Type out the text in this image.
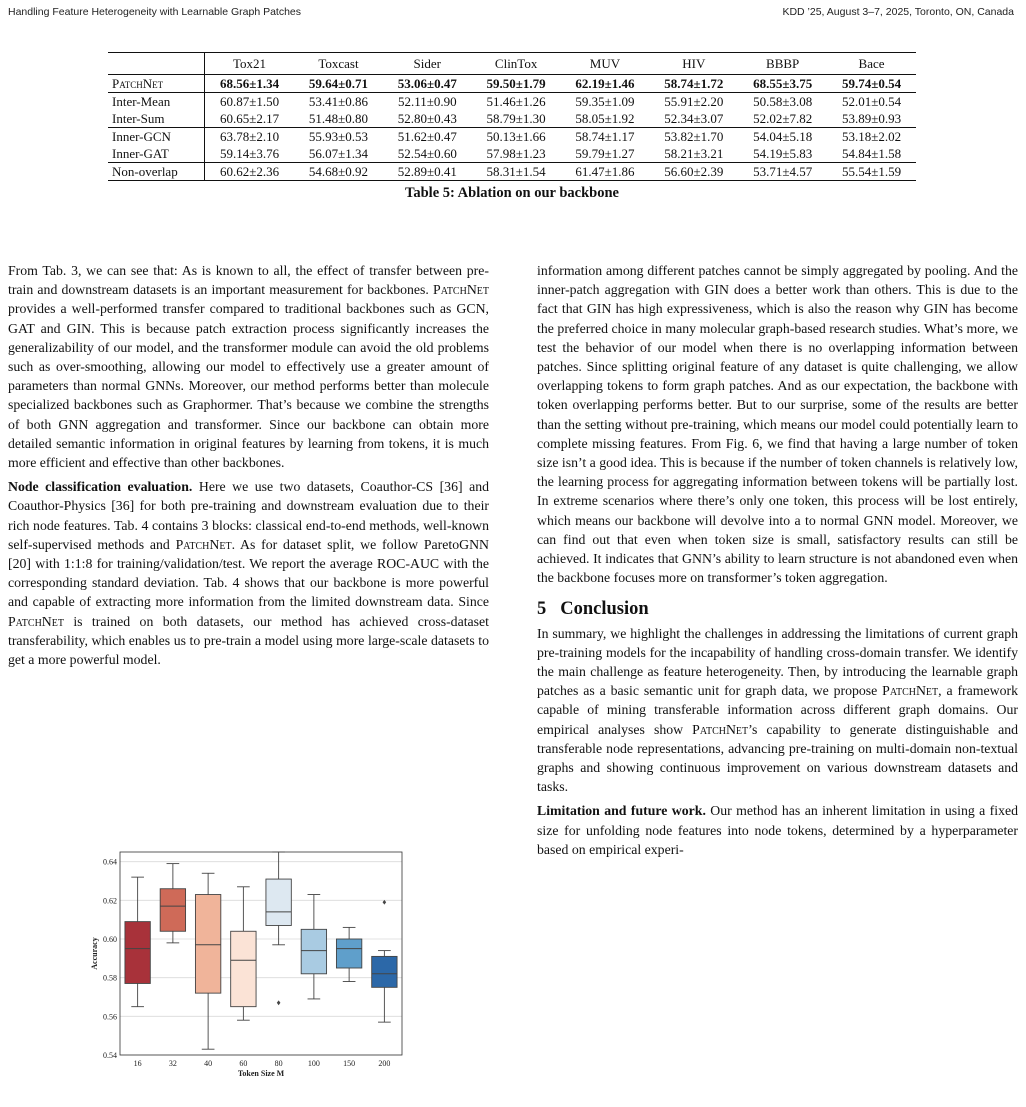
Handling Feature Heterogeneity with Learnable Graph Patches	KDD ’25, August 3–7, 2025, Toronto, ON, Canada
	Tox21	Toxcast	Sider	ClinTox	MUV	HIV	BBBP	Bace
PatchNet	68.56±1.34	59.64±0.71	53.06±0.47	59.50±1.79	62.19±1.46	58.74±1.72	68.55±3.75	59.74±0.54
Inter-Mean	60.87±1.50	53.41±0.86	52.11±0.90	51.46±1.26	59.35±1.09	55.91±2.20	50.58±3.08	52.01±0.54
Inter-Sum	60.65±2.17	51.48±0.80	52.80±0.43	58.79±1.30	58.05±1.92	52.34±3.07	52.02±7.82	53.89±0.93
Inner-GCN	63.78±2.10	55.93±0.53	51.62±0.47	50.13±1.66	58.74±1.17	53.82±1.70	54.04±5.18	53.18±2.02
Inner-GAT	59.14±3.76	56.07±1.34	52.54±0.60	57.98±1.23	59.79±1.27	58.21±3.21	54.19±5.83	54.84±1.58
Non-overlap	60.62±2.36	54.68±0.92	52.89±0.41	58.31±1.54	61.47±1.86	56.60±2.39	53.71±4.57	55.54±1.59
Table 5: Ablation on our backbone

From Tab. 3, we can see that: As is known to all, the effect of transfer between pre-train and downstream datasets is an important measurement for backbones. PatchNet provides a well-performed transfer compared to traditional backbones such as GCN, GAT and GIN. This is because patch extraction process significantly increases the generalizability of our model, and the transformer module can avoid the old problems such as over-smoothing, allowing our model to effectively use a greater amount of parameters than normal GNNs. Moreover, our method performs better than molecule specialized backbones such as Graphormer. That’s because we combine the strengths of both GNN aggregation and transformer. Since our backbone can obtain more detailed semantic information in original features by learning from tokens, it is much more efficient and effective than other backbones.

Node classification evaluation. Here we use two datasets, Coauthor-CS [36] and Coauthor-Physics [36] for both pre-training and downstream evaluation due to their rich node features. Tab. 4 contains 3 blocks: classical end-to-end methods, well-known self-supervised methods and PatchNet. As for dataset split, we follow ParetoGNN [20] with 1:1:8 for training/validation/test. We report the average ROC-AUC with the corresponding standard deviation. Tab. 4 shows that our backbone is more powerful and capable of extracting more information from the limited downstream data. Since PatchNet is trained on both datasets, our method has achieved cross-dataset transferability, which enables us to pre-train a model using more large-scale datasets to get a more powerful model.

0.54
0.56
0.58
0.60
0.62
0.64
16	32	40	60	80	100	150	200
Token Size M
Accuracy

information among different patches cannot be simply aggregated by pooling. And the inner-patch aggregation with GIN does a better work than others. This is due to the fact that GIN has high expressiveness, which is also the reason why GIN has become the preferred choice in many molecular graph-based research studies. What’s more, we test the behavior of our model when there is no overlapping information between patches. Since splitting original feature of any dataset is quite challenging, we allow overlapping tokens to form graph patches. And as our expectation, the backbone with token overlapping performs better. But to our surprise, some of the results are better than the setting without pre-training, which means our model could potentially learn to complete missing features. From Fig. 6, we find that having a large number of token size isn’t a good idea. This is because if the number of token channels is relatively low, the learning process for aggregating information between tokens will be partially lost. In extreme scenarios where there’s only one token, this process will be lost entirely, which means our backbone will devolve into a to normal GNN model. Moreover, we can find out that even when token size is small, satisfactory results can still be achieved. It indicates that GNN’s ability to learn structure is not abandoned even when the backbone focuses more on transformer’s token aggregation.

5 Conclusion

In summary, we highlight the challenges in addressing the limitations of current graph pre-training models for the incapability of handling cross-domain transfer. We identify the main challenge as feature heterogeneity. Then, by introducing the learnable graph patches as a basic semantic unit for graph data, we propose PatchNet, a framework capable of mining transferable information across different graph domains. Our empirical analyses show PatchNet’s capability to generate distinguishable and transferable node representations, advancing pre-training on multi-domain non-textual graphs and showing continuous improvement on various downstream datasets and tasks.

Limitation and future work. Our method has an inherent limitation in using a fixed size for unfolding node features into node tokens, determined by a hyperparameter based on empirical experi-
